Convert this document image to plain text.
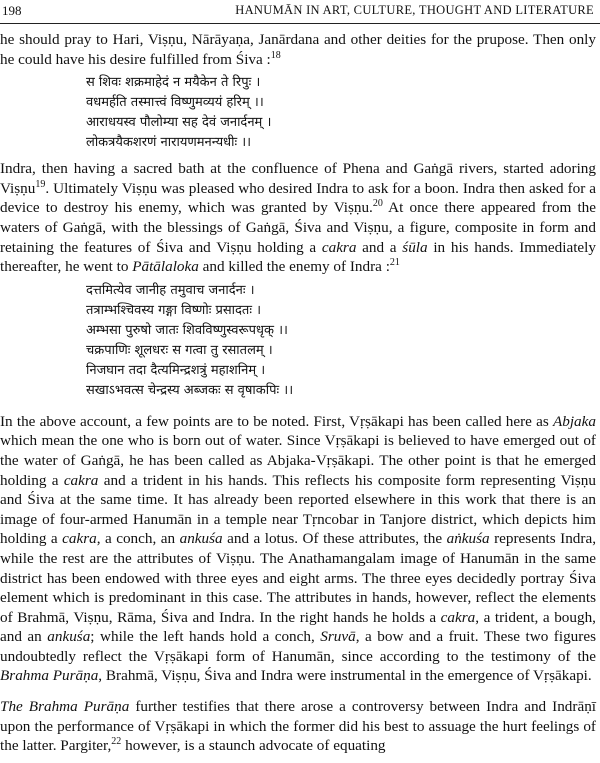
198	HANUMĀN IN ART, CULTURE, THOUGHT AND LITERATURE

he should pray to Hari, Viṣṇu, Nārāyaṇa, Janārdana and other deities for the prupose. Then only he could have his desire fulfilled from Śiva :$^{18}$

स शिवः शक्रमाहेदं न मयैकेन ते रिपुः ।
वधमर्हति तस्मात्त्वं विष्णुमव्ययं हरिम् ।।
आराधयस्व पौलोम्या सह देवं जनार्दनम् ।
लोकत्रयैकशरणं नारायणमनन्यधीः ।।

Indra, then having a sacred bath at the confluence of Phena and Gaṅgā rivers, started adoring Viṣṇu$^{19}$. Ultimately Viṣṇu was pleased who desired Indra to ask for a boon. Indra then asked for a device to destroy his enemy, which was granted by Viṣṇu.$^{20}$ At once there appeared from the waters of Gaṅgā, with the blessings of Gaṅgā, Śiva and Viṣṇu, a figure, composite in form and retaining the features of Śiva and Viṣṇu holding a cakra and a śūla in his hands. Immediately thereafter, he went to Pātālaloka and killed the enemy of Indra :$^{21}$

दत्तमित्येव जानीह तमुवाच जनार्दनः ।
तत्राम्भश्चिवस्य गङ्गा विष्णोः प्रसादतः ।
अम्भसा पुरुषो जातः शिवविष्णुस्वरूपधृक् ।।
चक्रपाणिः शूलधरः स गत्वा तु रसातलम् ।
निजघान तदा दैत्यमिन्द्रशत्रुं महाशनिम् ।
सखाऽभवत्स चेन्द्रस्य अब्जकः स वृषाकपिः ।।

In the above account, a few points are to be noted. First, Vṛṣākapi has been called here as Abjaka which mean the one who is born out of water. Since Vṛṣākapi is believed to have emerged out of the water of Gaṅgā, he has been called as Abjaka-Vṛṣākapi. The other point is that he emerged holding a cakra and a trident in his hands. This reflects his composite form representing Viṣṇu and Śiva at the same time. It has already been reported elsewhere in this work that there is an image of four-armed Hanumān in a temple near Tṛncobar in Tanjore district, which depicts him holding a cakra, a conch, an ankuśa and a lotus. Of these attributes, the aṅkuśa represents Indra, while the rest are the attributes of Viṣṇu. The Anathamangalam image of Hanumān in the same district has been endowed with three eyes and eight arms. The three eyes decidedly portray Śiva element which is predominant in this case. The attributes in hands, however, reflect the elements of Brahmā, Viṣṇu, Rāma, Śiva and Indra. In the right hands he holds a cakra, a trident, a bough, and an ankuśa; while the left hands hold a conch, Sruvā, a bow and a fruit. These two figures undoubtedly reflect the Vṛṣākapi form of Hanumān, since according to the testimony of the Brahma Purāṇa, Brahmā, Viṣṇu, Śiva and Indra were instrumental in the emergence of Vṛṣākapi.

The Brahma Purāṇa further testifies that there arose a controversy between Indra and Indrāṇī upon the performance of Vṛṣākapi in which the former did his best to assuage the hurt feelings of the latter. Pargiter,$^{22}$ however, is a staunch advocate of equating
